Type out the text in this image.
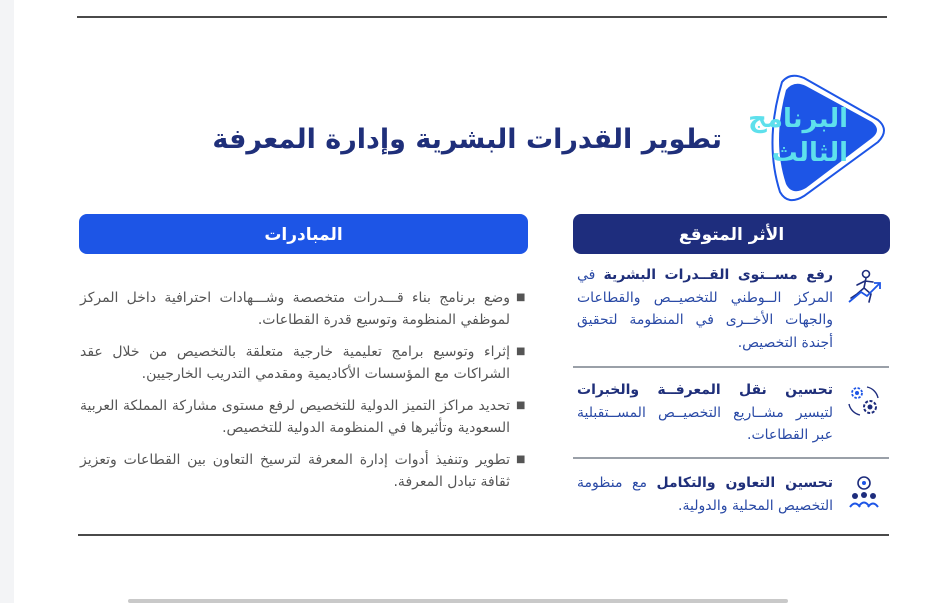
البرنامج
الثالث
تطوير القدرات البشرية وإدارة المعرفة
الأثر المتوقع
المبادرات
رفع مســتوى القــدرات البشرية في المركز الــوطني للتخصيــص والقطاعات والجهات الأخــرى في المنظومة لتحقيق أجندة التخصيص.
تحسين نقل المعرفــة والخبرات لتيسير مشــاريع التخصيــص المســتقبلية عبر القطاعات.
تحسين التعاون والتكامل مع منظومة التخصيص المحلية والدولية.
وضع برنامج بناء قـــدرات متخصصة وشـــهادات احترافية داخل المركز لموظفي المنظومة وتوسيع قدرة القطاعات.
■
إثراء وتوسيع برامج تعليمية خارجية متعلقة بالتخصيص من خلال عقد الشراكات مع المؤسسات الأكاديمية ومقدمي التدريب الخارجيين.
■
تحديد مراكز التميز الدولية للتخصيص لرفع مستوى مشاركة المملكة العربية السعودية وتأثيرها في المنظومة الدولية للتخصيص.
■
تطوير وتنفيذ أدوات إدارة المعرفة لترسيخ التعاون بين القطاعات وتعزيز ثقافة تبادل المعرفة.
■
